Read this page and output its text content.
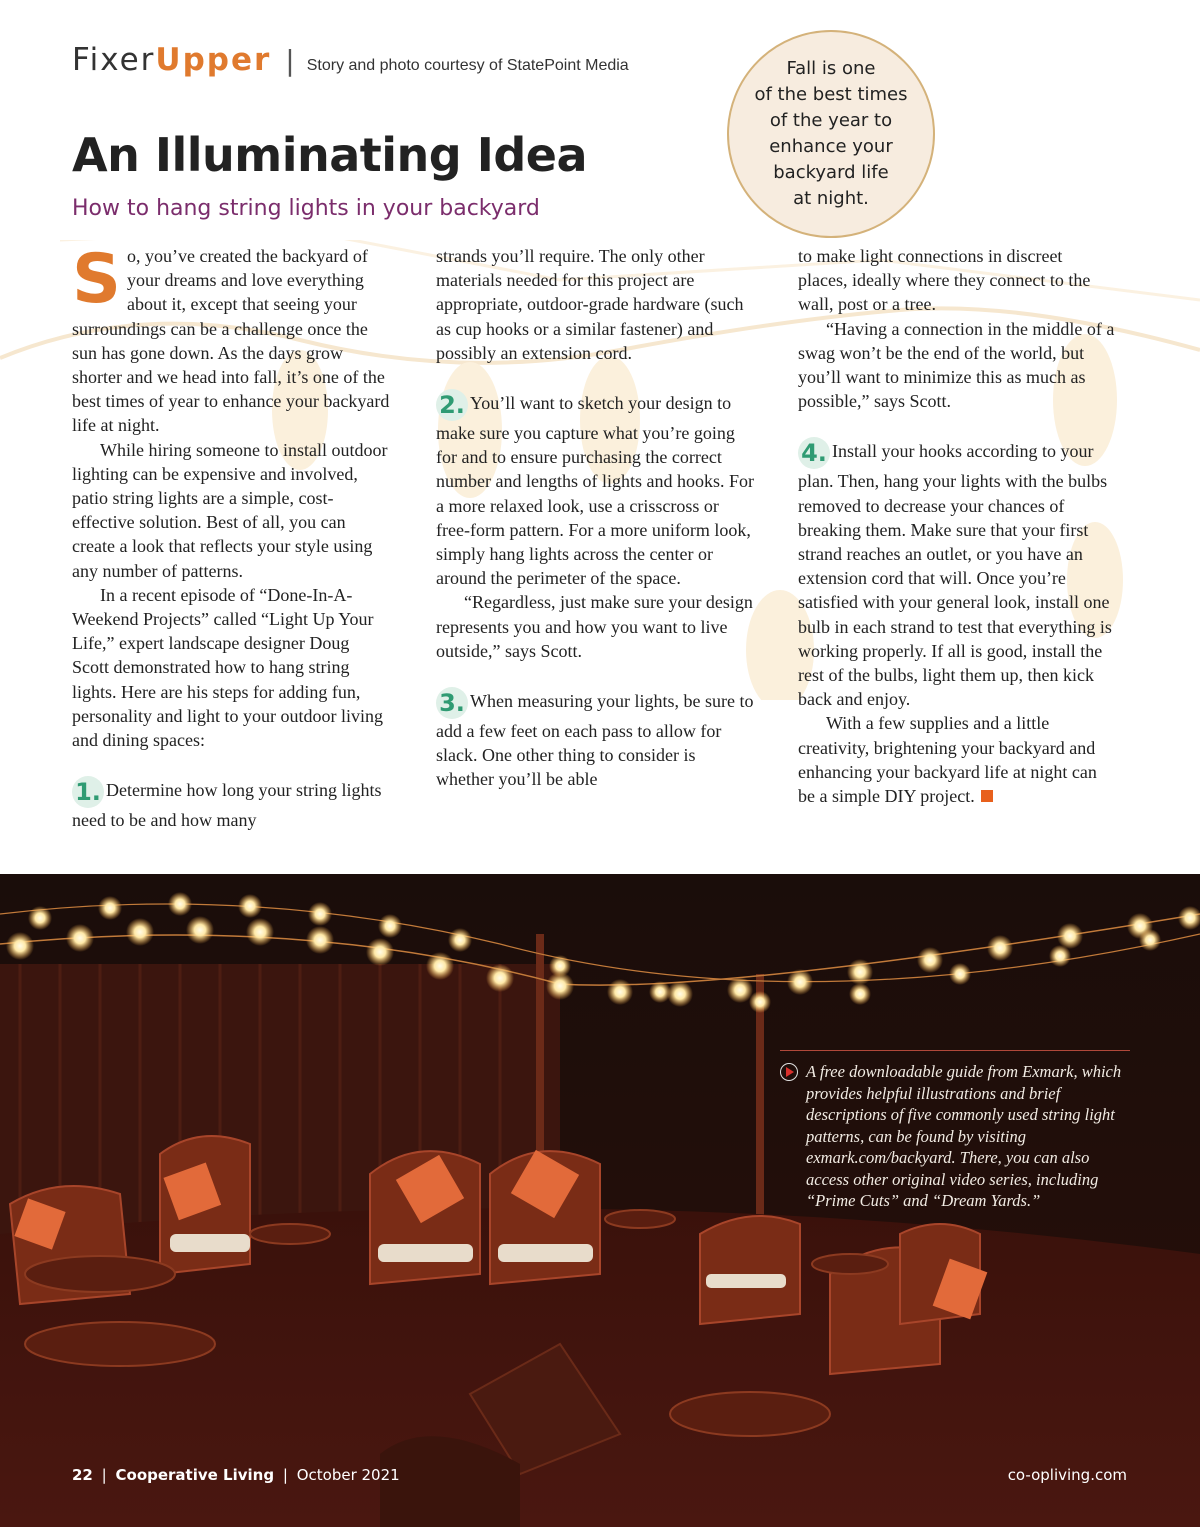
FixerUpper | Story and photo courtesy of StatePoint Media	Fall is one
of the best times
of the year to
enhance your
backyard life
at night.
An Illuminating Idea
How to hang string lights in your backyard

So, you’ve created the backyard of your dreams and love everything about it, except that seeing your surroundings can be a challenge once the sun has gone down. As the days grow shorter and we head into fall, it’s one of the best times of year to enhance your backyard life at night.

While hiring someone to install outdoor lighting can be expensive and involved, patio string lights are a simple, cost-effective solution. Best of all, you can create a look that reflects your style using any number of patterns.

In a recent episode of “Done-In-A-Weekend Projects” called “Light Up Your Life,” expert landscape designer Doug Scott demonstrated how to hang string lights. Here are his steps for adding fun, personality and light to your outdoor living and dining spaces:

1. Determine how long your string lights need to be and how many

strands you’ll require. The only other materials needed for this project are appropriate, outdoor-grade hardware (such as cup hooks or a similar fastener) and possibly an extension cord.

2. You’ll want to sketch your design to make sure you capture what you’re going for and to ensure purchasing the correct number and lengths of lights and hooks. For a more relaxed look, use a crisscross or free-form pattern. For a more uniform look, simply hang lights across the center or around the perimeter of the space.

“Regardless, just make sure your design represents you and how you want to live outside,” says Scott.

3. When measuring your lights, be sure to add a few feet on each pass to allow for slack. One other thing to consider is whether you’ll be able

to make light connections in discreet places, ideally where they connect to the wall, post or a tree.

“Having a connection in the middle of a swag won’t be the end of the world, but you’ll want to minimize this as much as possible,” says Scott.

4. Install your hooks according to your plan. Then, hang your lights with the bulbs removed to decrease your chances of breaking them. Make sure that your first strand reaches an outlet, or you have an extension cord that will. Once you’re satisfied with your general look, install one bulb in each strand to test that everything is working properly. If all is good, install the rest of the bulbs, light them up, then kick back and enjoy.

With a few supplies and a little creativity, brightening your backyard and enhancing your backyard life at night can be a simple DIY project.

A free downloadable guide from Exmark, which provides helpful illustrations and brief descriptions of five commonly used string light patterns, can be found by visiting exmark.com/backyard. There, you can also access other original video series, including “Prime Cuts” and “Dream Yards.”

22 | Cooperative Living | October 2021	co-opliving.com
